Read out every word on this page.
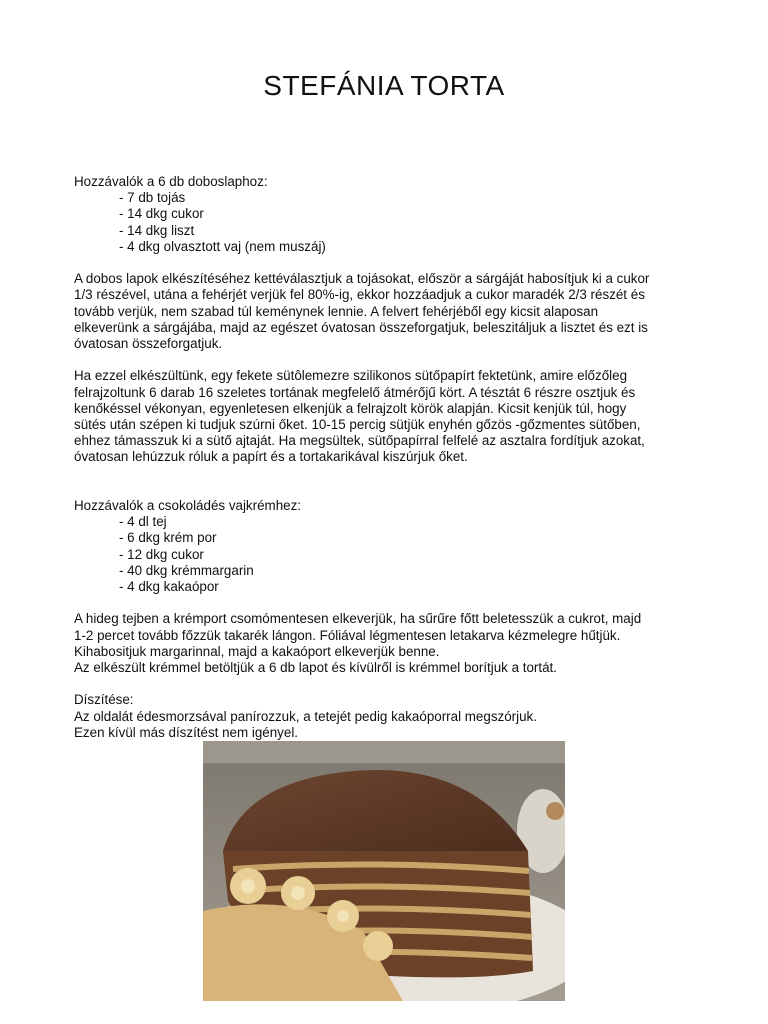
STEFÁNIA TORTA
Hozzávalók a 6 db doboslaphoz:
- 7 db tojás
- 14 dkg cukor
- 14 dkg liszt
- 4 dkg olvasztott vaj (nem muszáj)
A dobos lapok elkészítéséhez kettéválasztjuk a tojásokat, először a sárgáját habosítjuk ki a cukor
1/3 részével, utána a fehérjét verjük fel 80%-ig, ekkor hozzáadjuk a cukor maradék 2/3 részét és
tovább verjük, nem szabad túl keménynek lennie. A felvert fehérjéből egy kicsit alaposan
elkeverünk a sárgájába, majd az egészet óvatosan összeforgatjuk, beleszitáljuk a lisztet és ezt is
óvatosan összeforgatjuk.
Ha ezzel elkészültünk, egy fekete sütôlemezre szilikonos sütőpapírt fektetünk, amire előzőleg
felrajzoltunk 6 darab 16 szeletes tortának megfelelő átmérőjű kört. A tésztát 6 részre osztjuk és
kenőkéssel vékonyan, egyenletesen elkenjük a felrajzolt körök alapján. Kicsit kenjük túl, hogy
sütés után szépen ki tudjuk szúrni őket. 10-15 percig sütjük enyhén gőzös -gőzmentes sütőben,
ehhez támasszuk ki a sütő ajtaját. Ha megsültek, sütőpapírral felfelé az asztalra fordítjuk azokat,
óvatosan lehúzzuk róluk a papírt és a tortakarikával kiszúrjuk őket.
Hozzávalók a csokoládés vajkrémhez:
- 4 dl tej
- 6 dkg krém por
- 12 dkg cukor
- 40 dkg krémmargarin
- 4 dkg kakaópor
A hideg tejben a krémport csomómentesen elkeverjük, ha sűrűre főtt beletesszük a cukrot, majd
1-2 percet tovább főzzük takarék lángon. Fóliával légmentesen letakarva kézmelegre hűtjük.
Kihabositjuk margarinnal, majd a kakaóport elkeverjük benne.
Az elkészült krémmel betöltjük a 6 db lapot és kívülről is krémmel borítjuk a tortát.
Díszítése:
Az oldalát édesmorzsával panírozzuk, a tetejét pedig kakaóporral megszórjuk.
Ezen kívül más díszítést nem igényel.
